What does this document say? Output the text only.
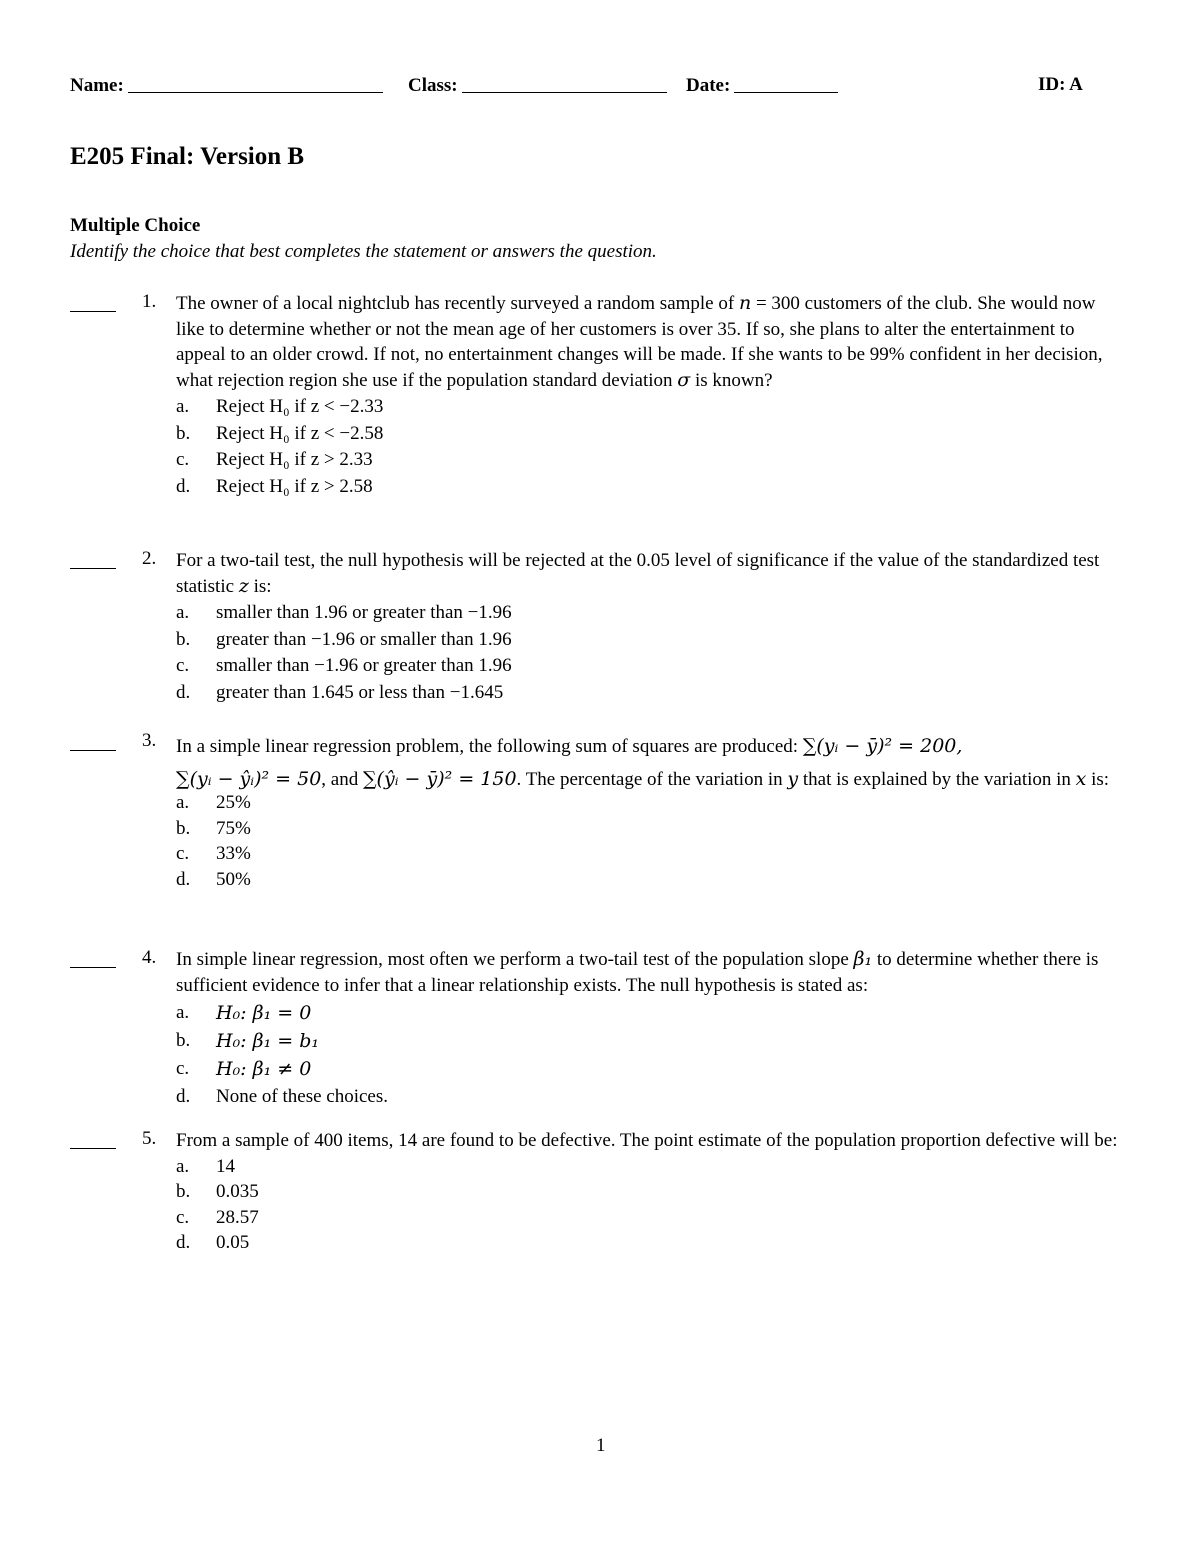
Name:	Class:	Date:	ID: A
E205 Final: Version B
Multiple Choice
Identify the choice that best completes the statement or answers the question.
1. The owner of a local nightclub has recently surveyed a random sample of n = 300 customers of the club. She would now like to determine whether or not the mean age of her customers is over 35. If so, she plans to alter the entertainment to appeal to an older crowd. If not, no entertainment changes will be made. If she wants to be 99% confident in her decision, what rejection region she use if the population standard deviation σ is known?
a. Reject H₀ if z < −2.33
b. Reject H₀ if z < −2.58
c. Reject H₀ if z > 2.33
d. Reject H₀ if z > 2.58
2. For a two-tail test, the null hypothesis will be rejected at the 0.05 level of significance if the value of the standardized test statistic z is:
a. smaller than 1.96 or greater than −1.96
b. greater than −1.96 or smaller than 1.96
c. smaller than −1.96 or greater than 1.96
d. greater than 1.645 or less than −1.645
3. In a simple linear regression problem, the following sum of squares are produced: ∑(yᵢ − ȳ)² = 200,
∑(yᵢ − ŷᵢ)² = 50, and ∑(ŷᵢ − ȳ)² = 150. The percentage of the variation in y that is explained by the variation in x is:
a. 25%
b. 75%
c. 33%
d. 50%
4. In simple linear regression, most often we perform a two-tail test of the population slope β₁ to determine whether there is sufficient evidence to infer that a linear relationship exists. The null hypothesis is stated as:
a. H₀: β₁ = 0
b. H₀: β₁ = b₁
c. H₀: β₁ ≠ 0
d. None of these choices.
5. From a sample of 400 items, 14 are found to be defective. The point estimate of the population proportion defective will be:
a. 14
b. 0.035
c. 28.57
d. 0.05
1
